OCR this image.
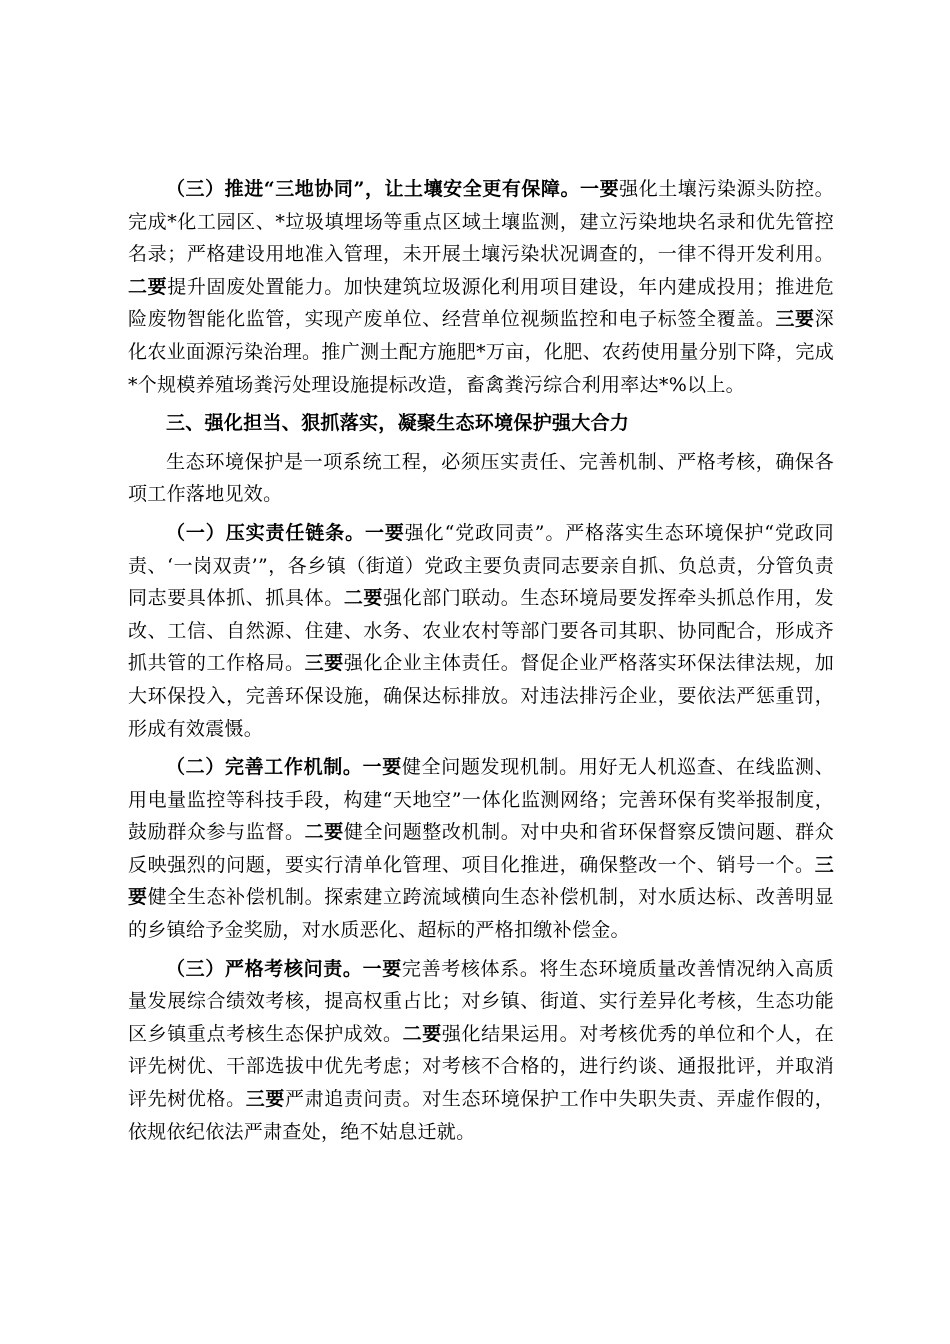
（三）推进“三地协同”，让土壤安全更有保障。一要强化土壤污染源头防控。完成*化工园区、*垃圾填埋场等重点区域土壤监测，建立污染地块名录和优先管控名录；严格建设用地准入管理，未开展土壤污染状况调查的，一律不得开发利用。二要提升固废处置能力。加快建筑垃圾源化利用项目建设，年内建成投用；推进危险废物智能化监管，实现产废单位、经营单位视频监控和电子标签全覆盖。三要深化农业面源污染治理。推广测土配方施肥*万亩，化肥、农药使用量分别下降，完成*个规模养殖场粪污处理设施提标改造，畜禽粪污综合利用率达*%以上。

三、强化担当、狠抓落实，凝聚生态环境保护强大合力

生态环境保护是一项系统工程，必须压实责任、完善机制、严格考核，确保各项工作落地见效。

（一）压实责任链条。一要强化“党政同责”。严格落实生态环境保护“党政同责、‘一岗双责’”，各乡镇（街道）党政主要负责同志要亲自抓、负总责，分管负责同志要具体抓、抓具体。二要强化部门联动。生态环境局要发挥牵头抓总作用，发改、工信、自然源、住建、水务、农业农村等部门要各司其职、协同配合，形成齐抓共管的工作格局。三要强化企业主体责任。督促企业严格落实环保法律法规，加大环保投入，完善环保设施，确保达标排放。对违法排污企业，要依法严惩重罚，形成有效震慑。

（二）完善工作机制。一要健全问题发现机制。用好无人机巡查、在线监测、用电量监控等科技手段，构建“天地空”一体化监测网络；完善环保有奖举报制度，鼓励群众参与监督。二要健全问题整改机制。对中央和省环保督察反馈问题、群众反映强烈的问题，要实行清单化管理、项目化推进，确保整改一个、销号一个。三要健全生态补偿机制。探索建立跨流域横向生态补偿机制，对水质达标、改善明显的乡镇给予金奖励，对水质恶化、超标的严格扣缴补偿金。

（三）严格考核问责。一要完善考核体系。将生态环境质量改善情况纳入高质量发展综合绩效考核，提高权重占比；对乡镇、街道、实行差异化考核，生态功能区乡镇重点考核生态保护成效。二要强化结果运用。对考核优秀的单位和个人，在评先树优、干部选拔中优先考虑；对考核不合格的，进行约谈、通报批评，并取消评先树优格。三要严肃追责问责。对生态环境保护工作中失职失责、弄虚作假的，依规依纪依法严肃查处，绝不姑息迁就。
